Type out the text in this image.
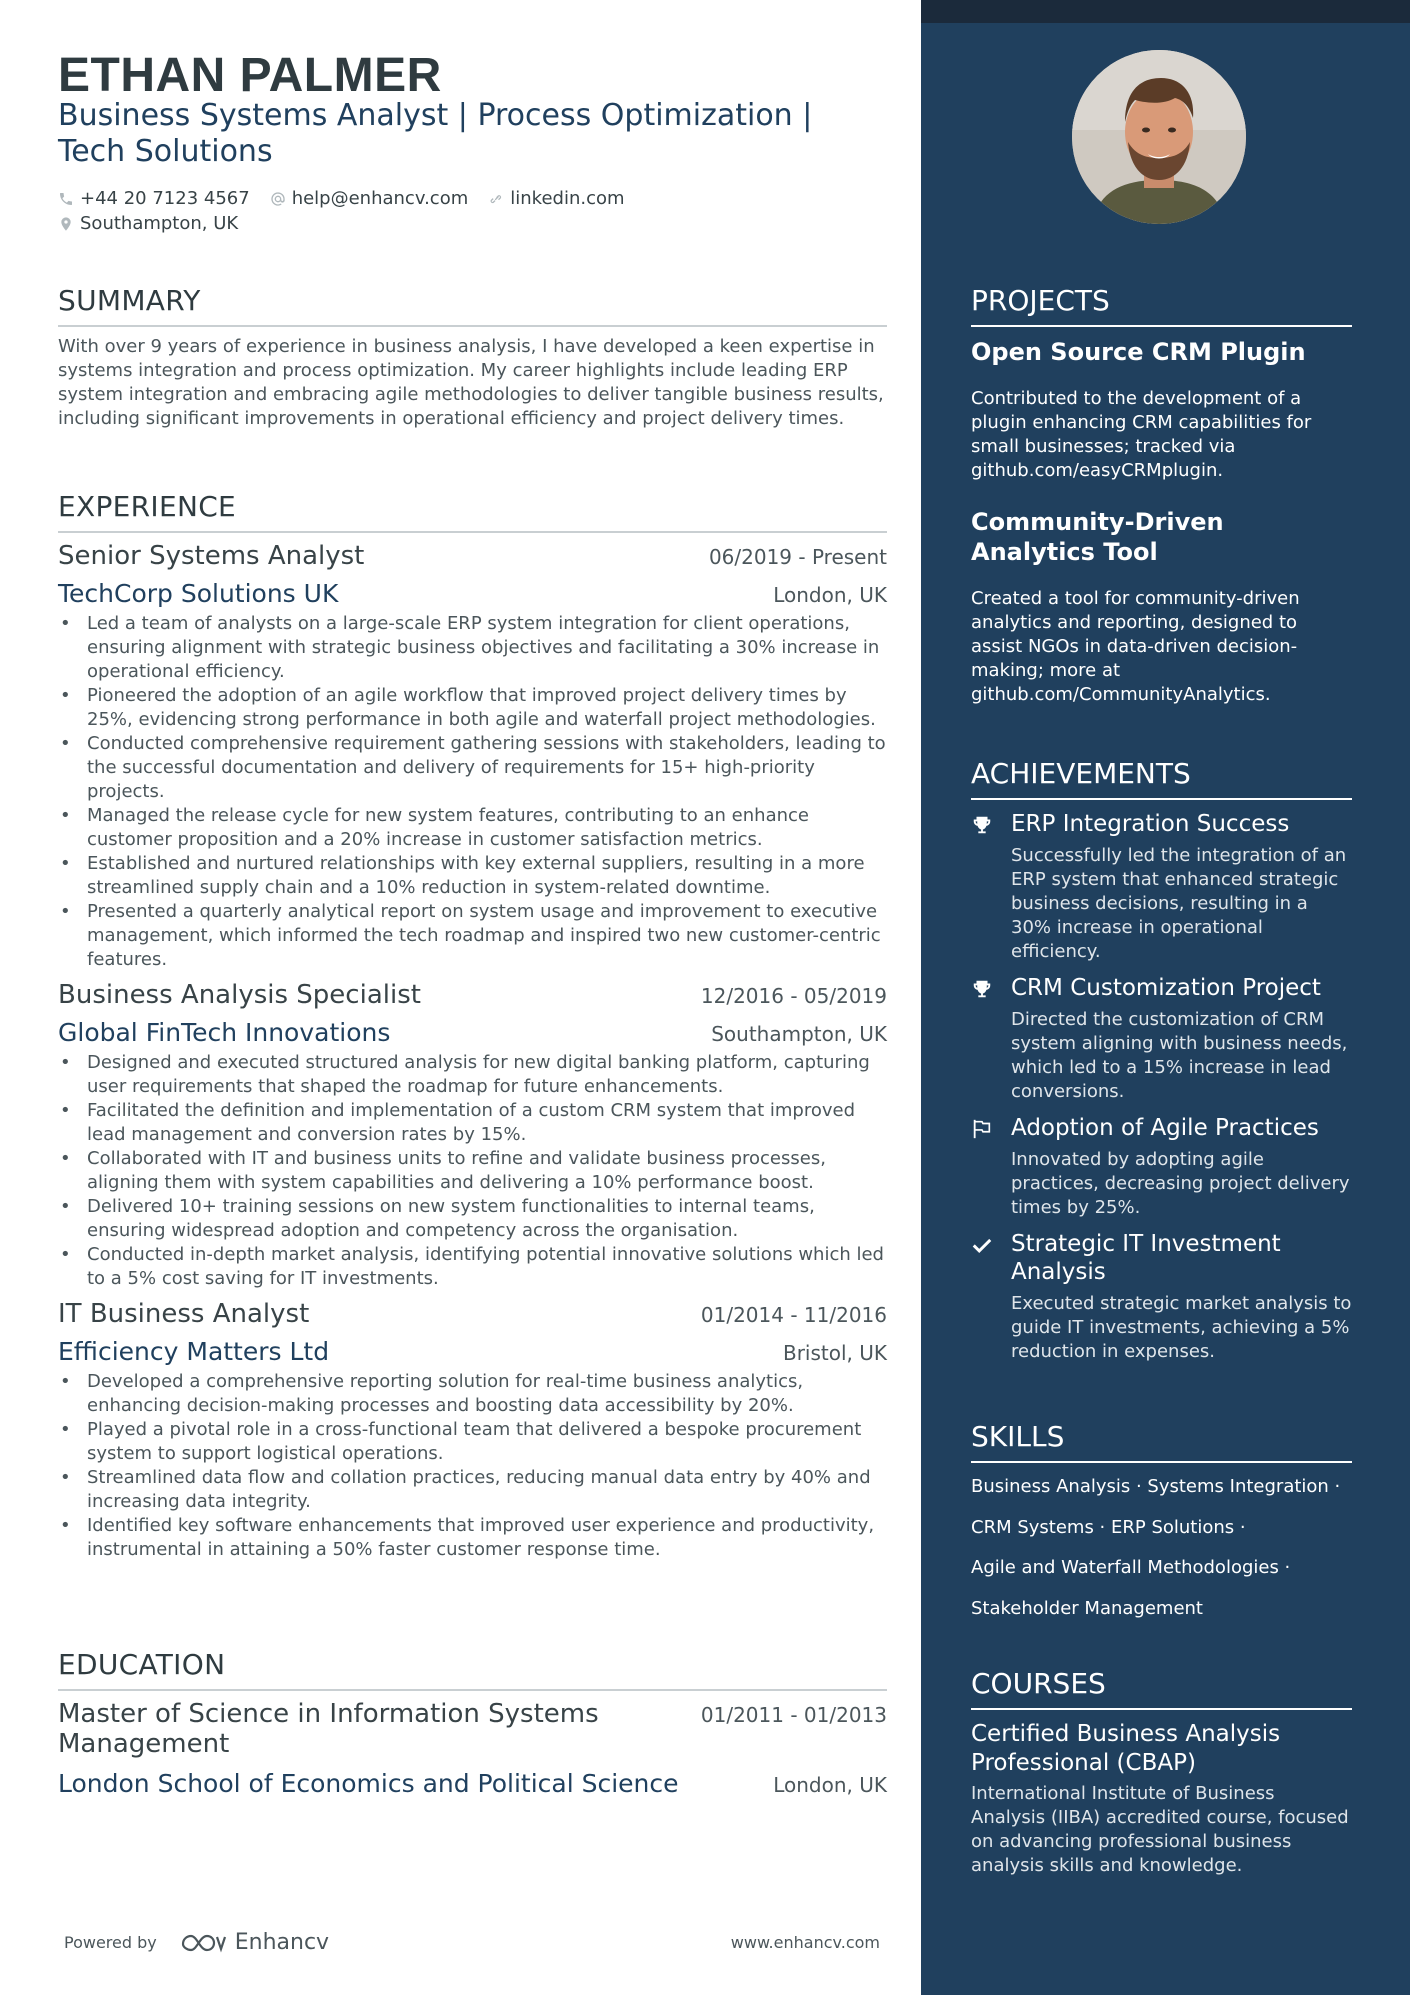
ETHAN PALMER
Business Systems Analyst | Process Optimization | Tech Solutions
+44 20 7123 4567 help@enhancv.com linkedin.com
Southampton, UK
SUMMARY
With over 9 years of experience in business analysis, I have developed a keen expertise in systems integration and process optimization. My career highlights include leading ERP system integration and embracing agile methodologies to deliver tangible business results, including significant improvements in operational efficiency and project delivery times.
EXPERIENCE
Senior Systems Analyst	06/2019 - Present
TechCorp Solutions UK	London, UK
• Led a team of analysts on a large-scale ERP system integration for client operations, ensuring alignment with strategic business objectives and facilitating a 30% increase in operational efficiency.
• Pioneered the adoption of an agile workflow that improved project delivery times by 25%, evidencing strong performance in both agile and waterfall project methodologies.
• Conducted comprehensive requirement gathering sessions with stakeholders, leading to the successful documentation and delivery of requirements for 15+ high-priority projects.
• Managed the release cycle for new system features, contributing to an enhance customer proposition and a 20% increase in customer satisfaction metrics.
• Established and nurtured relationships with key external suppliers, resulting in a more streamlined supply chain and a 10% reduction in system-related downtime.
• Presented a quarterly analytical report on system usage and improvement to executive management, which informed the tech roadmap and inspired two new customer-centric features.
Business Analysis Specialist	12/2016 - 05/2019
Global FinTech Innovations	Southampton, UK
• Designed and executed structured analysis for new digital banking platform, capturing user requirements that shaped the roadmap for future enhancements.
• Facilitated the definition and implementation of a custom CRM system that improved lead management and conversion rates by 15%.
• Collaborated with IT and business units to refine and validate business processes, aligning them with system capabilities and delivering a 10% performance boost.
• Delivered 10+ training sessions on new system functionalities to internal teams, ensuring widespread adoption and competency across the organisation.
• Conducted in-depth market analysis, identifying potential innovative solutions which led to a 5% cost saving for IT investments.
IT Business Analyst	01/2014 - 11/2016
Efficiency Matters Ltd	Bristol, UK
• Developed a comprehensive reporting solution for real-time business analytics, enhancing decision-making processes and boosting data accessibility by 20%.
• Played a pivotal role in a cross-functional team that delivered a bespoke procurement system to support logistical operations.
• Streamlined data flow and collation practices, reducing manual data entry by 40% and increasing data integrity.
• Identified key software enhancements that improved user experience and productivity, instrumental in attaining a 50% faster customer response time.
EDUCATION
Master of Science in Information Systems Management
01/2011 - 01/2013
London School of Economics and Political Science	London, UK
Powered by	Enhancv	www.enhancv.com
PROJECTS
Open Source CRM Plugin
Contributed to the development of a plugin enhancing CRM capabilities for small businesses; tracked via github.com/easyCRMplugin.
Community-Driven Analytics Tool
Created a tool for community-driven analytics and reporting, designed to assist NGOs in data-driven decision-making; more at github.com/CommunityAnalytics.
ACHIEVEMENTS
ERP Integration Success
Successfully led the integration of an ERP system that enhanced strategic business decisions, resulting in a 30% increase in operational efficiency.
CRM Customization Project
Directed the customization of CRM system aligning with business needs, which led to a 15% increase in lead conversions.
Adoption of Agile Practices
Innovated by adopting agile practices, decreasing project delivery times by 25%.
Strategic IT Investment Analysis
Executed strategic market analysis to guide IT investments, achieving a 5% reduction in expenses.
SKILLS
Business Analysis · Systems Integration ·
CRM Systems · ERP Solutions ·
Agile and Waterfall Methodologies ·
Stakeholder Management
COURSES
Certified Business Analysis Professional (CBAP)
International Institute of Business Analysis (IIBA) accredited course, focused on advancing professional business analysis skills and knowledge.
